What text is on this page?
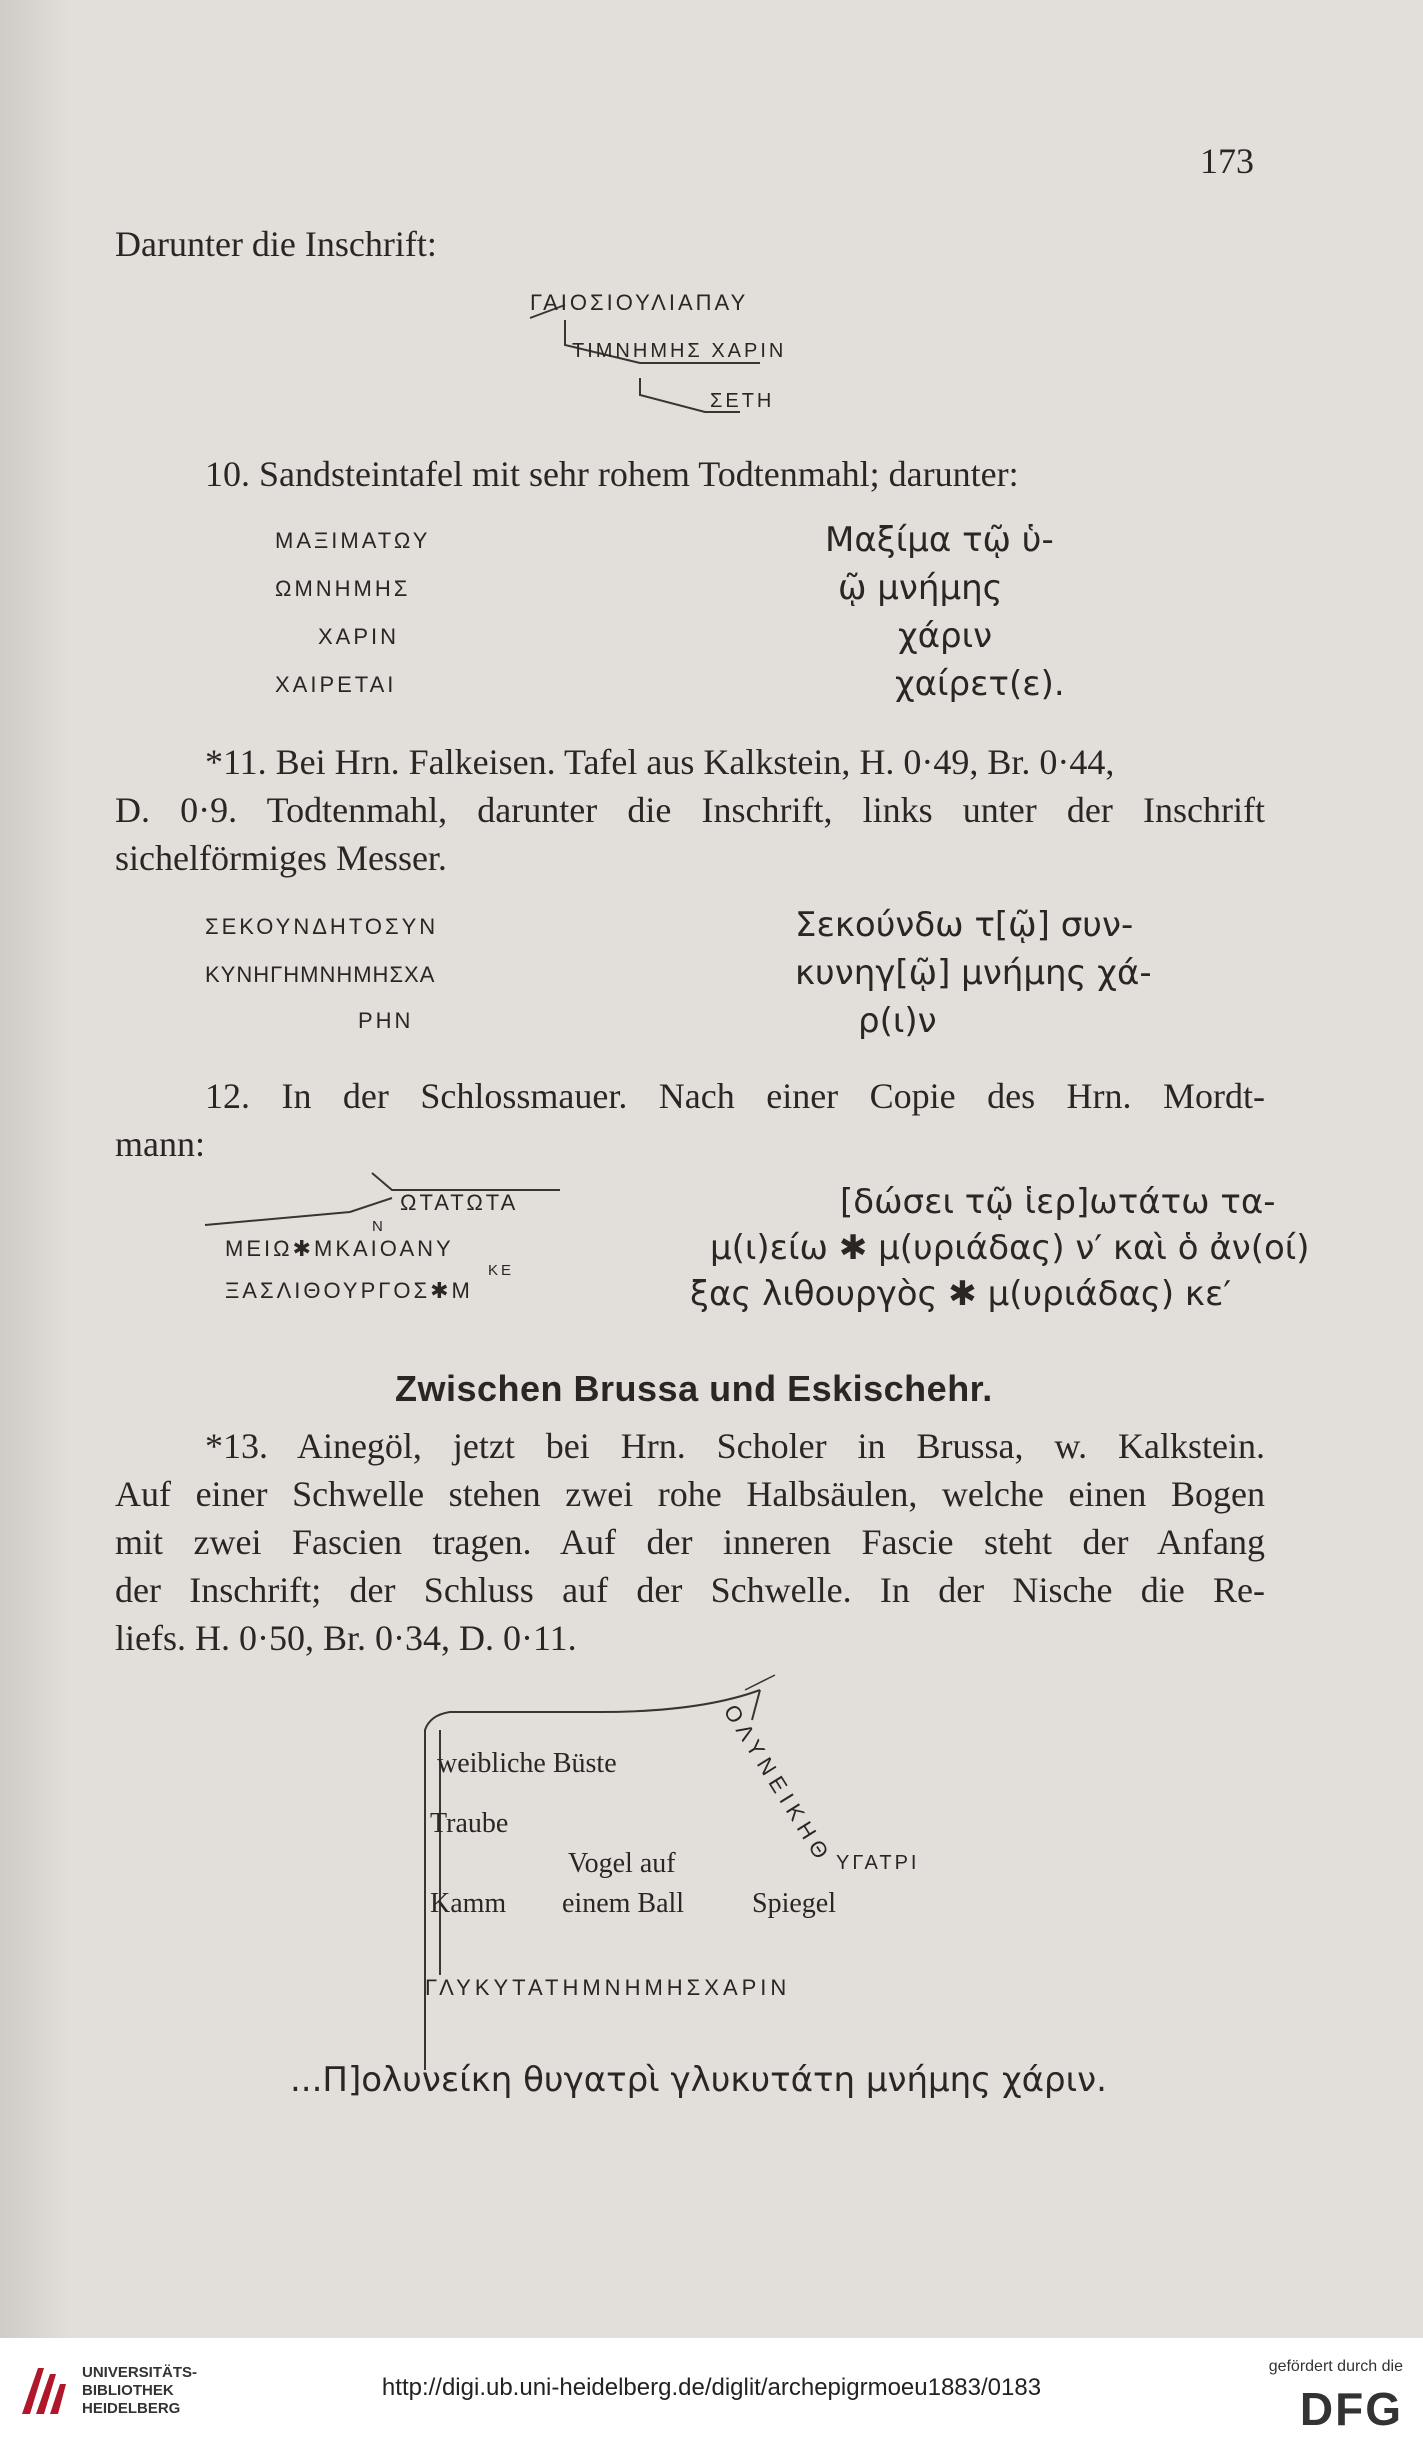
173
Darunter die Inschrift:
ΓΑΙΟΣΙΟΥΛΙΑΠΑΥ
ΤΙΜΝΗΜΗΣ ΧΑΡΙΝ
ΣΕΤΗ
10. Sandsteintafel mit sehr rohem Todtenmahl; darunter:
ΜΑΞΙΜΑΤΩΥ
ΩΜΝΗΜΗΣ
ΧΑΡΙΝ
ΧΑΙΡΕΤΑΙ
Μαξίμα τῷ ὑ-
ῷ μνήμης
χάριν
χαίρετ(ε).
*11. Bei Hrn. Falkeisen. Tafel aus Kalkstein, H. 0·49, Br. 0·44,
D. 0·9. Todtenmahl, darunter die Inschrift, links unter der Inschrift
sichelförmiges Messer.
ΣΕΚΟΥΝΔΗΤΟΣΥΝ
ΚΥΝΗΓΗΜΝΗΜΗΣΧΑ
ΡΗΝ
Σεκούνδω τ[ῷ] συν-
κυνηγ[ῷ] μνήμης χά-
ρ(ι)ν
12. In der Schlossmauer. Nach einer Copie des Hrn. Mordt-
mann:
ΩΤΑΤΩΤΑ
N
ΜΕΙΩ✱ΜΚΑΙΟΑΝΥ
ΚΕ
ΞΑΣΛΙΘΟΥΡΓΟΣ✱Μ
[δώσει τῷ ἱερ]ωτάτω τα-
μ(ι)είω ✱ μ(υριάδας) ν′ καὶ ὁ ἀν(οί)
ξας λιθουργὸς ✱ μ(υριάδας) κε′
Zwischen Brussa und Eskischehr.
*13. Ainegöl, jetzt bei Hrn. Scholer in Brussa, w. Kalkstein.
Auf einer Schwelle stehen zwei rohe Halbsäulen, welche einen Bogen
mit zwei Fascien tragen. Auf der inneren Fascie steht der Anfang
der Inschrift; der Schluss auf der Schwelle. In der Nische die Re-
liefs. H. 0·50, Br. 0·34, D. 0·11.
ΟΛΥΝΕΙΚΗΘ
weibliche Büste
Traube
Vogel auf
einem Ball
Kamm	Spiegel
ΥΓΑΤΡΙ
ΓΛΥΚΥΤΑΤΗΜΝΗΜΗΣΧΑΡΙΝ
...Π]ολυνείκη θυγατρὶ γλυκυτάτη μνήμης χάριν.
UNIVERSITÄTS-
BIBLIOTHEK
HEIDELBERG
http://digi.ub.uni-heidelberg.de/diglit/archepigrmoeu1883/0183
gefördert durch die
DFG
